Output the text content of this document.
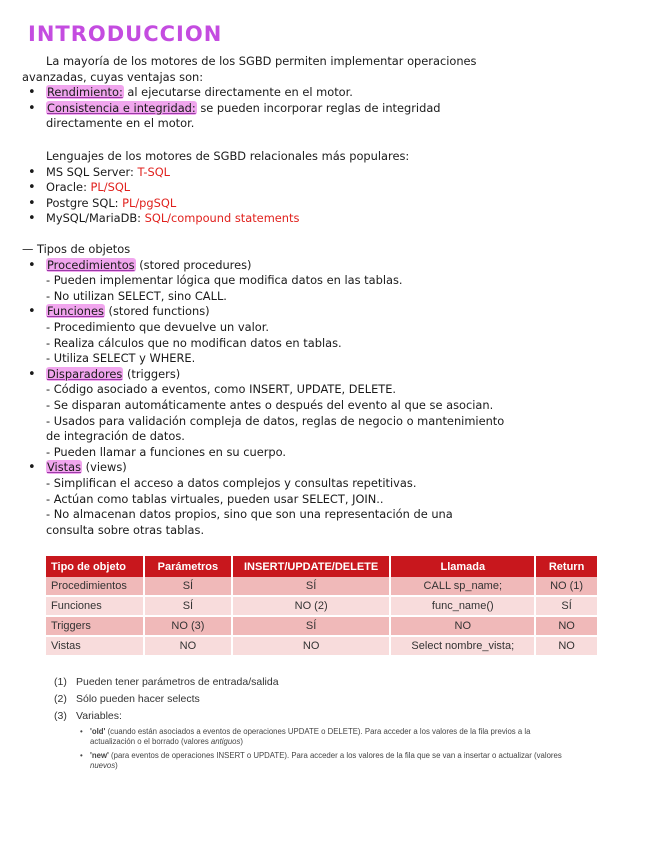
INTRODUCCION

La mayoría de los motores de los SGBD permiten implementar operaciones

avanzadas, cuyas ventajas son:

• Rendimiento: al ejecutarse directamente en el motor.
• Consistencia e integridad: se pueden incorporar reglas de integridad
directamente en el motor.

Lenguajes de los motores de SGBD relacionales más populares:

• MS SQL Server: T-SQL
• Oracle: PL/SQL
• Postgre SQL: PL/pgSQL
• MySQL/MariaDB: SQL/compound statements

— Tipos de objetos

• Procedimientos (stored procedures)
- Pueden implementar lógica que modifica datos en las tablas.
- No utilizan SELECT, sino CALL.
• Funciones (stored functions)
- Procedimiento que devuelve un valor.
- Realiza cálculos que no modifican datos en tablas.
- Utiliza SELECT y WHERE.
• Disparadores (triggers)
- Código asociado a eventos, como INSERT, UPDATE, DELETE.
- Se disparan automáticamente antes o después del evento al que se asocian.
- Usados para validación compleja de datos, reglas de negocio o mantenimiento
de integración de datos.
- Pueden llamar a funciones en su cuerpo.
• Vistas (views)
- Simplifican el acceso a datos complejos y consultas repetitivas.
- Actúan como tablas virtuales, pueden usar SELECT, JOIN..
- No almacenan datos propios, sino que son una representación de una
consulta sobre otras tablas.
Tipo de objeto	Parámetros	INSERT/UPDATE/DELETE	Llamada	Return
Procedimientos	SÍ	SÍ	CALL sp_name;	NO (1)
Funciones	SÍ	NO (2)	func_name()	SÍ
Triggers	NO (3)	SÍ	NO	NO
Vistas	NO	NO	Select nombre_vista;	NO

(1) Pueden tener parámetros de entrada/salida

(2) Sólo pueden hacer selects

(3) Variables:

• 'old' (cuando están asociados a eventos de operaciones UPDATE o DELETE). Para acceder a los valores de la fila previos a la actualización o el borrado (valores antiguos)
• 'new' (para eventos de operaciones INSERT o UPDATE). Para acceder a los valores de la fila que se van a insertar o actualizar (valores nuevos)
